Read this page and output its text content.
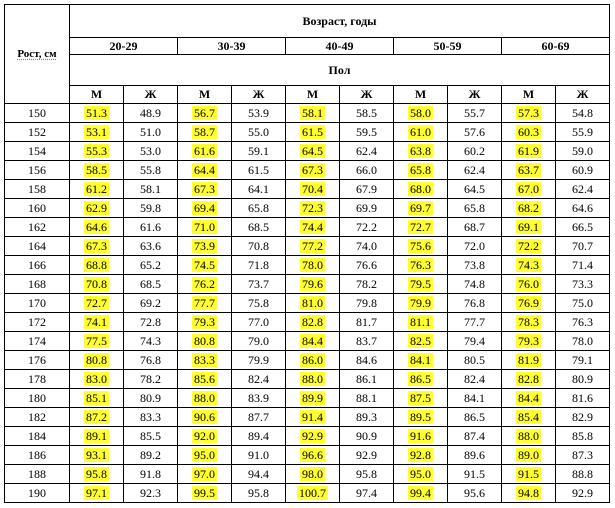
Рост, см	Возраст, годы									
	20-29		30-39		40-49		50-59		60-69	
	Пол									
	М	Ж	М	Ж	М	Ж	М	Ж	М	Ж
150	51.3	48.9	56.7	53.9	58.1	58.5	58.0	55.7	57.3	54.8
152	53.1	51.0	58.7	55.0	61.5	59.5	61.0	57.6	60.3	55.9
154	55.3	53.0	61.6	59.1	64.5	62.4	63.8	60.2	61.9	59.0
156	58.5	55.8	64.4	61.5	67.3	66.0	65.8	62.4	63.7	60.9
158	61.2	58.1	67.3	64.1	70.4	67.9	68.0	64.5	67.0	62.4
160	62.9	59.8	69.4	65.8	72.3	69.9	69.7	65.8	68.2	64.6
162	64.6	61.6	71.0	68.5	74.4	72.2	72.7	68.7	69.1	66.5
164	67.3	63.6	73.9	70.8	77.2	74.0	75.6	72.0	72.2	70.7
166	68.8	65.2	74.5	71.8	78.0	76.6	76.3	73.8	74.3	71.4
168	70.8	68.5	76.2	73.7	79.6	78.2	79.5	74.8	76.0	73.3
170	72.7	69.2	77.7	75.8	81.0	79.8	79.9	76.8	76.9	75.0
172	74.1	72.8	79.3	77.0	82.8	81.7	81.1	77.7	78.3	76.3
174	77.5	74.3	80.8	79.0	84.4	83.7	82.5	79.4	79.3	78.0
176	80.8	76.8	83.3	79.9	86.0	84.6	84.1	80.5	81.9	79.1
178	83.0	78.2	85.6	82.4	88.0	86.1	86.5	82.4	82.8	80.9
180	85.1	80.9	88.0	83.9	89.9	88.1	87.5	84.1	84.4	81.6
182	87.2	83.3	90.6	87.7	91.4	89.3	89.5	86.5	85.4	82.9
184	89.1	85.5	92.0	89.4	92.9	90.9	91.6	87.4	88.0	85.8
186	93.1	89.2	95.0	91.0	96.6	92.9	92.8	89.6	89.0	87.3
188	95.8	91.8	97.0	94.4	98.0	95.8	95.0	91.5	91.5	88.8
190	97.1	92.3	99.5	95.8	100.7	97.4	99.4	95.6	94.8	92.9
